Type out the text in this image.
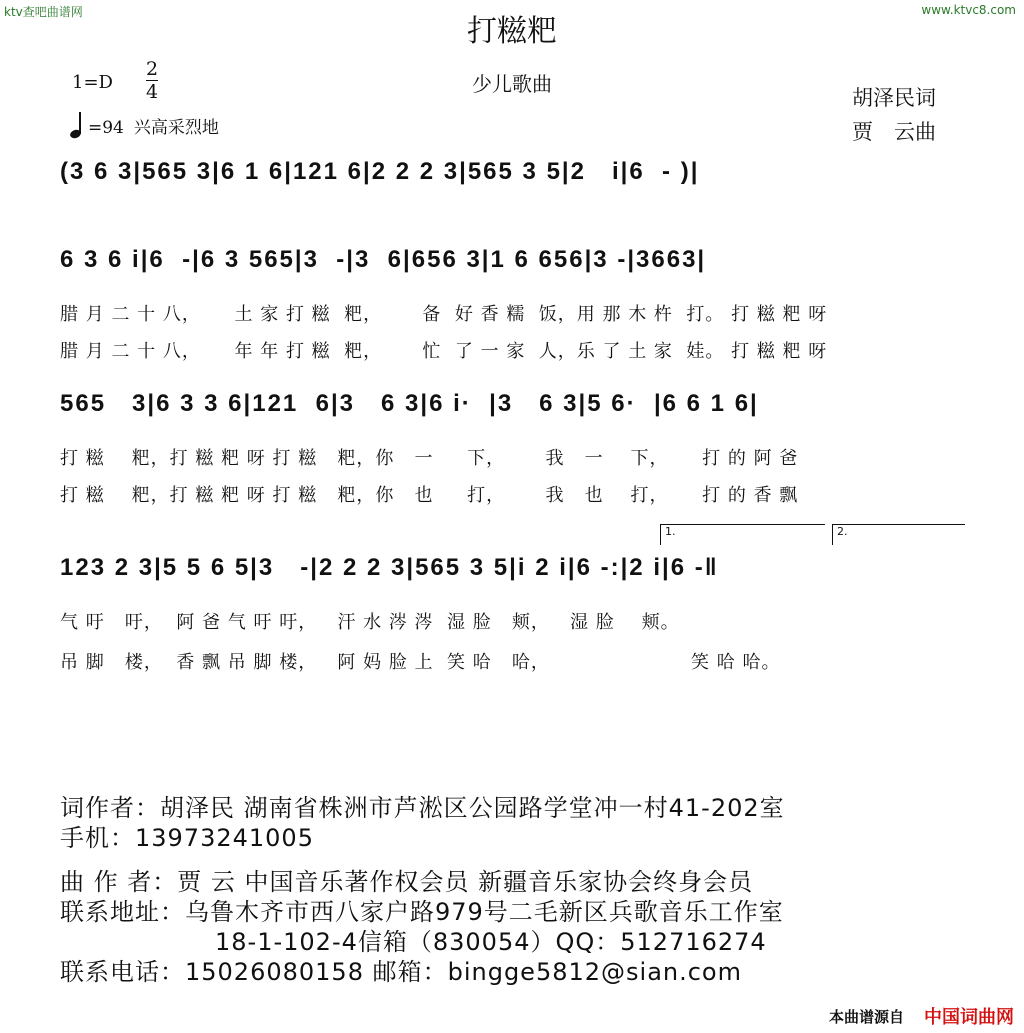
ktv查吧曲谱网	www.ktvc8.com
打糍粑
少儿歌曲
$1=D \frac{2}{4}$
=94 兴高采烈地
胡泽民词
贾　云曲
(3 6 3|565 3|6 1 6|121 6|2 2 2 3|565 3 5|2   i|6  - )|
6 3 6 i|6  -|6 3 565|3  -|3  6|656 3|1 6 656|3 -|3663|
腊 月 二 十 八，     土 家 打 糍  粑，      备  好 香 糯  饭，用 那 木 杵  打。 打 糍 粑 呀
腊 月 二 十 八，     年 年 打 糍  粑，      忙  了 一 家  人，乐 了 土 家  娃。 打 糍 粑 呀
565   3|6 3 3 6|121  6|3   6 3|6 i·  |3   6 3|5 6·  |6 6 1 6|
打 糍    粑，打 糍 粑 呀 打 糍   粑，你   一     下，      我   一    下，     打 的 阿 爸
打 糍    粑，打 糍 粑 呀 打 糍   粑，你   也     打，      我   也    打，     打 的 香 飘
1.	2.
123 2 3|5 5 6 5|3   -|2 2 2 3|565 3 5|i 2 i|6 -:|2 i|6 -‖
气 吁   吁，  阿 爸 气 吁 吁，   汗 水 涔 涔  湿 脸   颊，   湿 脸    颊。
吊 脚   楼，  香 飘 吊 脚 楼，   阿 妈 脸 上  笑 哈   哈，                     笑 哈 哈。
词作者：胡泽民 湖南省株洲市芦淞区公园路学堂冲一村41-202室
手机：13973241005
曲 作 者：贾 云 中国音乐著作权会员 新疆音乐家协会终身会员
联系地址：乌鲁木齐市西八家户路979号二毛新区兵歌音乐工作室
18-1-102-4信箱（830054）QQ：512716274
联系电话：15026080158 邮箱：bingge5812@sian.com
本曲谱源自 中国词曲网
